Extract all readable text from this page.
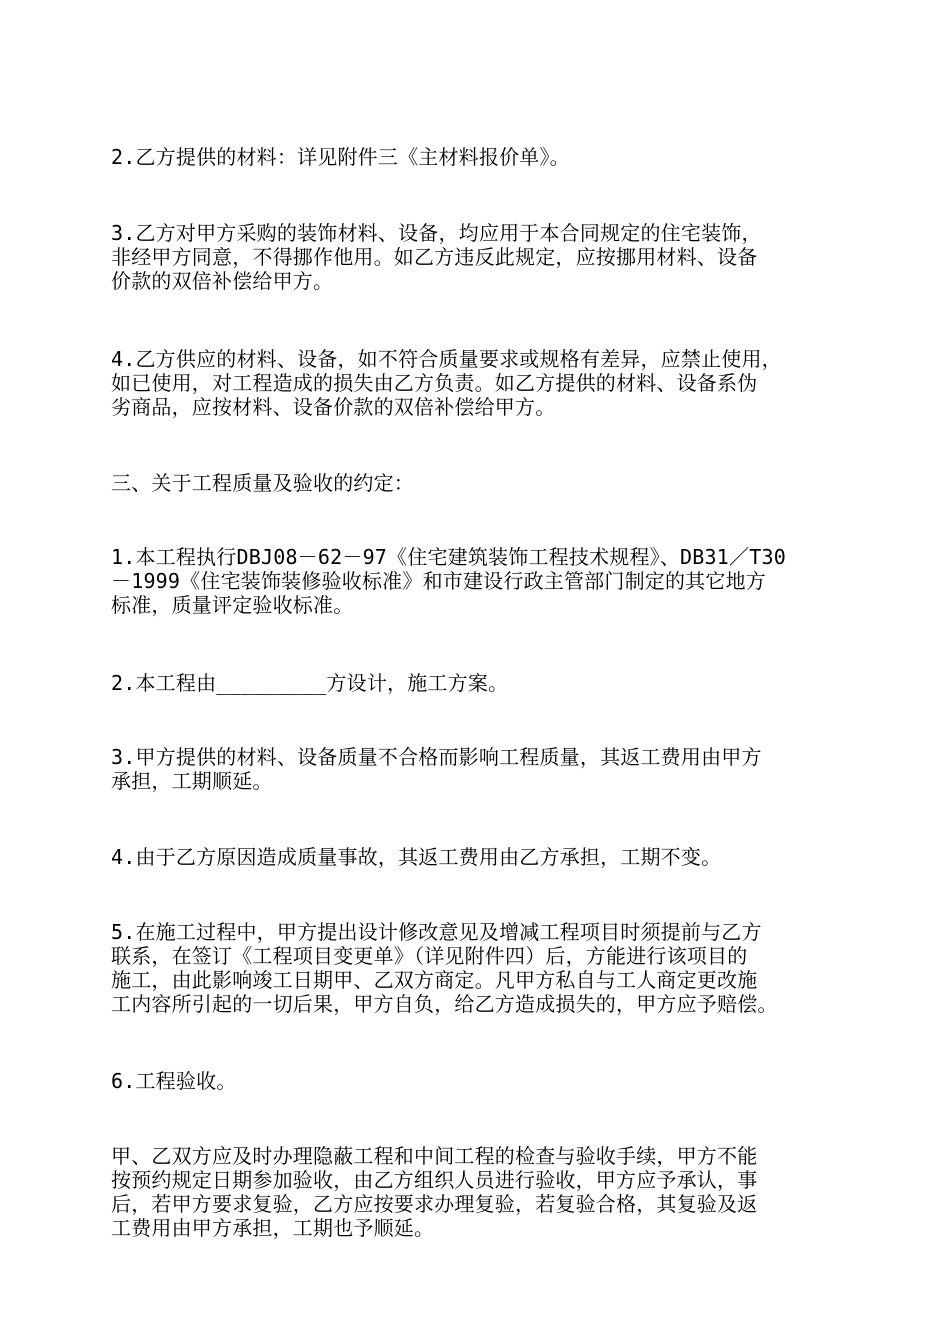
2.乙方提供的材料：详见附件三《主材料报价单》。
3.乙方对甲方采购的装饰材料、设备，均应用于本合同规定的住宅装饰，
非经甲方同意，不得挪作他用。如乙方违反此规定，应按挪用材料、设备
价款的双倍补偿给甲方。
4.乙方供应的材料、设备，如不符合质量要求或规格有差异，应禁止使用，
如已使用，对工程造成的损失由乙方负责。如乙方提供的材料、设备系伪
劣商品，应按材料、设备价款的双倍补偿给甲方。
三、关于工程质量及验收的约定：
1.本工程执行DBJ08－62－97《住宅建筑装饰工程技术规程》、DB31／T30
－1999《住宅装饰装修验收标准》和市建设行政主管部门制定的其它地方
标准，质量评定验收标准。
2.本工程由_________方设计，施工方案。
3.甲方提供的材料、设备质量不合格而影响工程质量，其返工费用由甲方
承担，工期顺延。
4.由于乙方原因造成质量事故，其返工费用由乙方承担，工期不变。
5.在施工过程中，甲方提出设计修改意见及增减工程项目时须提前与乙方
联系，在签订《工程项目变更单》（详见附件四）后，方能进行该项目的
施工，由此影响竣工日期甲、乙双方商定。凡甲方私自与工人商定更改施
工内容所引起的一切后果，甲方自负，给乙方造成损失的，甲方应予赔偿。
6.工程验收。
甲、乙双方应及时办理隐蔽工程和中间工程的检查与验收手续，甲方不能
按预约规定日期参加验收，由乙方组织人员进行验收，甲方应予承认，事
后，若甲方要求复验，乙方应按要求办理复验，若复验合格，其复验及返
工费用由甲方承担，工期也予顺延。
